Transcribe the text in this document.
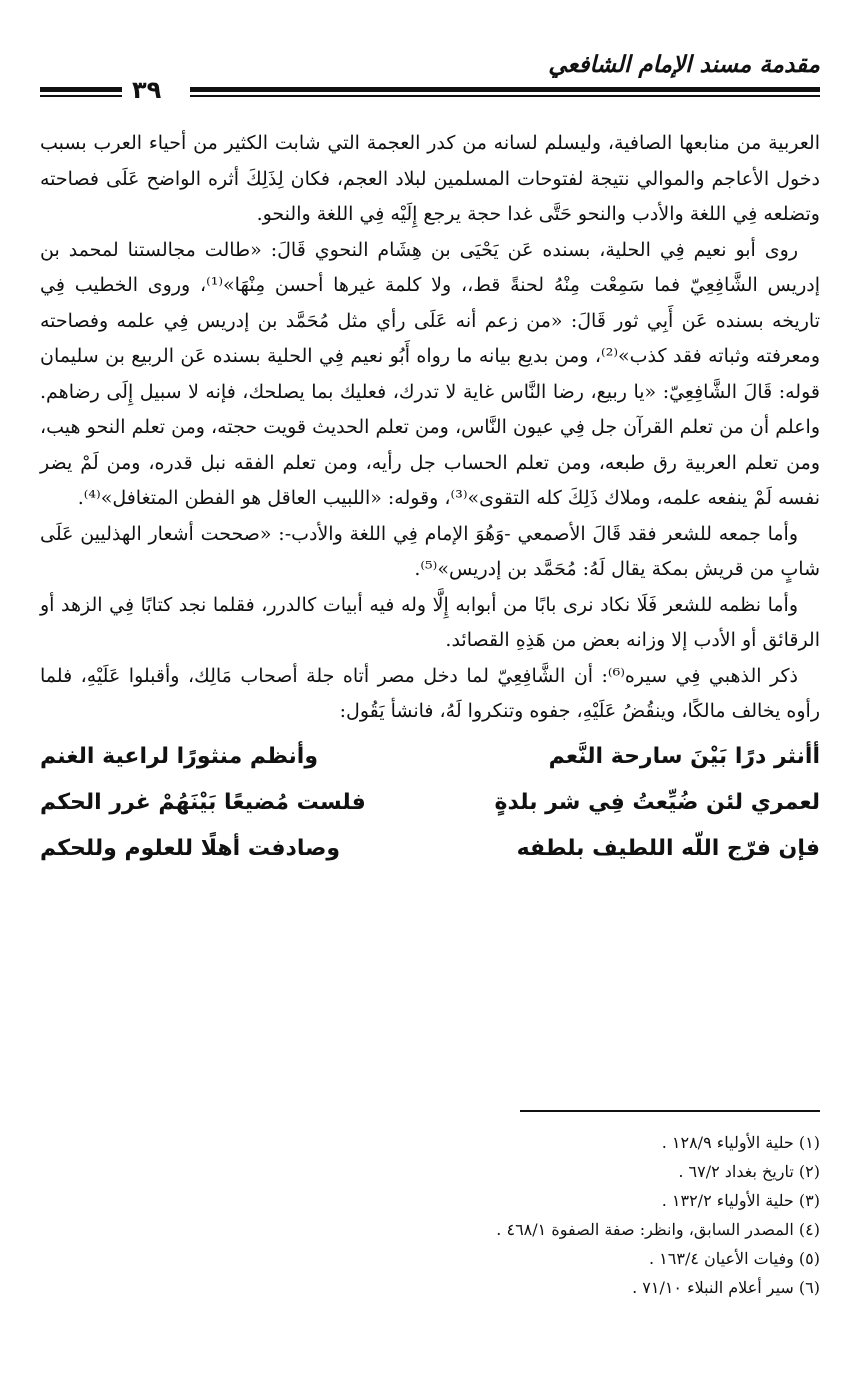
مقدمة مسند الإمام الشافعي
٣٩

العربية من منابعها الصافية، وليسلم لسانه من كدر العجمة التي شابت الكثير من أحياء العرب بسبب دخول الأعاجم والموالي نتيجة لفتوحات المسلمين لبلاد العجم، فكان لِذَلِكَ أثره الواضح عَلَى فصاحته وتضلعه فِي اللغة والأدب والنحو حَتَّى غدا حجة يرجع إِلَيْه فِي اللغة والنحو.

روى أبو نعيم فِي الحلية، بسنده عَن يَحْيَى بن هِشَام النحوي قَالَ: «طالت مجالستنا لمحمد بن إدريس الشَّافِعِيّ فما سَمِعْت مِنْهُ لحنةً قط،، ولا كلمة غيرها أحسن مِنْهَا»⁽¹⁾، وروى الخطيب فِي تاريخه بسنده عَن أَبِي ثور قَالَ: «من زعم أنه عَلَى رأي مثل مُحَمَّد بن إدريس فِي علمه وفصاحته ومعرفته وثباته فقد كذب»⁽²⁾، ومن بديع بيانه ما رواه أَبُو نعيم فِي الحلية بسنده عَن الربيع بن سليمان قوله: قَالَ الشَّافِعِيّ: «يا ربيع، رضا النَّاس غاية لا تدرك، فعليك بما يصلحك، فإنه لا سبيل إِلَى رضاهم. واعلم أن من تعلم القرآن جل فِي عيون النَّاس، ومن تعلم الحديث قويت حجته، ومن تعلم النحو هيب، ومن تعلم العربية رق طبعه، ومن تعلم الحساب جل رأيه، ومن تعلم الفقه نبل قدره، ومن لَمْ يضر نفسه لَمْ ينفعه علمه، وملاك ذَلِكَ كله التقوى»⁽³⁾، وقوله: «اللبيب العاقل هو الفطن المتغافل»⁽⁴⁾.

وأما جمعه للشعر فقد قَالَ الأصمعي -وَهُوَ الإمام فِي اللغة والأدب-: «صححت أشعار الهذليين عَلَى شابٍ من قريش بمكة يقال لَهُ: مُحَمَّد بن إدريس»⁽⁵⁾.

وأما نظمه للشعر فَلَا نكاد نرى بابًا من أبوابه إِلَّا وله فيه أبيات كالدرر، فقلما نجد كتابًا فِي الزهد أو الرقائق أو الأدب إلا وزانه بعض من هَذِهِ القصائد.

ذكر الذهبي فِي سيره⁽⁶⁾: أن الشَّافِعِيّ لما دخل مصر أتاه جلة أصحاب مَالِك، وأقبلوا عَلَيْهِ، فلما رأوه يخالف مالكًا، وينقُضُ عَلَيْهِ، جفوه وتنكروا لَهُ، فانشأ يَقُول:

أأنثر درًا بَيْنَ سارحة النَّعم
وأنظم منثورًا لراعية الغنم
لعمري لئن ضُيِّعتُ فِي شر بلدةٍ
فلست مُضيعًا بَيْنَهُمْ غرر الحكم
فإن فرّج اللّه اللطيف بلطفه
وصادفت أهلًا للعلوم وللحكم
(١) حلية الأولياء ١٢٨/٩ .
(٢) تاريخ بغداد ٦٧/٢ .
(٣) حلية الأولياء ١٣٢/٢ .
(٤) المصدر السابق، وانظر: صفة الصفوة ٤٦٨/١ .
(٥) وفيات الأعيان ١٦٣/٤ .
(٦) سير أعلام النبلاء ٧١/١٠ .
